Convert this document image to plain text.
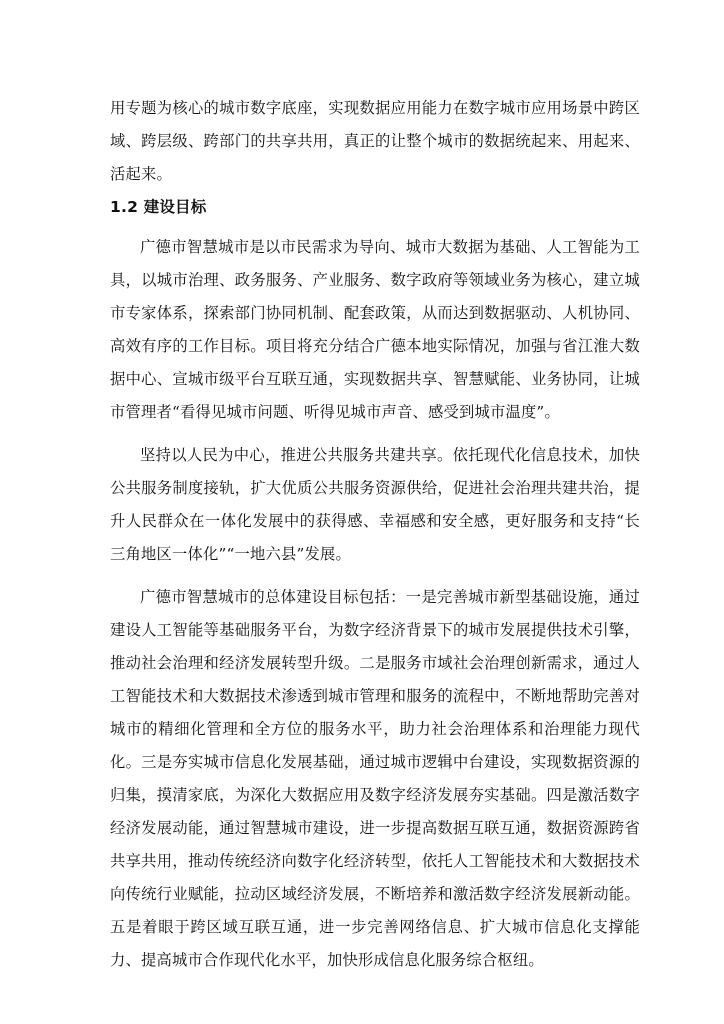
用专题为核心的城市数字底座，实现数据应用能力在数字城市应用场景中跨区域、跨层级、跨部门的共享共用，真正的让整个城市的数据统起来、用起来、活起来。

1.2 建设目标

广德市智慧城市是以市民需求为导向、城市大数据为基础、人工智能为工具，以城市治理、政务服务、产业服务、数字政府等领域业务为核心，建立城市专家体系，探索部门协同机制、配套政策，从而达到数据驱动、人机协同、高效有序的工作目标。项目将充分结合广德本地实际情况，加强与省江淮大数据中心、宣城市级平台互联互通，实现数据共享、智慧赋能、业务协同，让城市管理者“看得见城市问题、听得见城市声音、感受到城市温度”。

坚持以人民为中心，推进公共服务共建共享。依托现代化信息技术，加快公共服务制度接轨，扩大优质公共服务资源供给，促进社会治理共建共治，提升人民群众在一体化发展中的获得感、幸福感和安全感，更好服务和支持“长三角地区一体化”“一地六县”发展。

广德市智慧城市的总体建设目标包括：一是完善城市新型基础设施，通过建设人工智能等基础服务平台，为数字经济背景下的城市发展提供技术引擎，推动社会治理和经济发展转型升级。二是服务市域社会治理创新需求，通过人工智能技术和大数据技术渗透到城市管理和服务的流程中，不断地帮助完善对城市的精细化管理和全方位的服务水平，助力社会治理体系和治理能力现代化。三是夯实城市信息化发展基础，通过城市逻辑中台建设，实现数据资源的归集，摸清家底，为深化大数据应用及数字经济发展夯实基础。四是激活数字经济发展动能，通过智慧城市建设，进一步提高数据互联互通，数据资源跨省共享共用，推动传统经济向数字化经济转型，依托人工智能技术和大数据技术向传统行业赋能，拉动区域经济发展，不断培养和激活数字经济发展新动能。五是着眼于跨区域互联互通，进一步完善网络信息、扩大城市信息化支撑能力、提高城市合作现代化水平，加快形成信息化服务综合枢纽。
